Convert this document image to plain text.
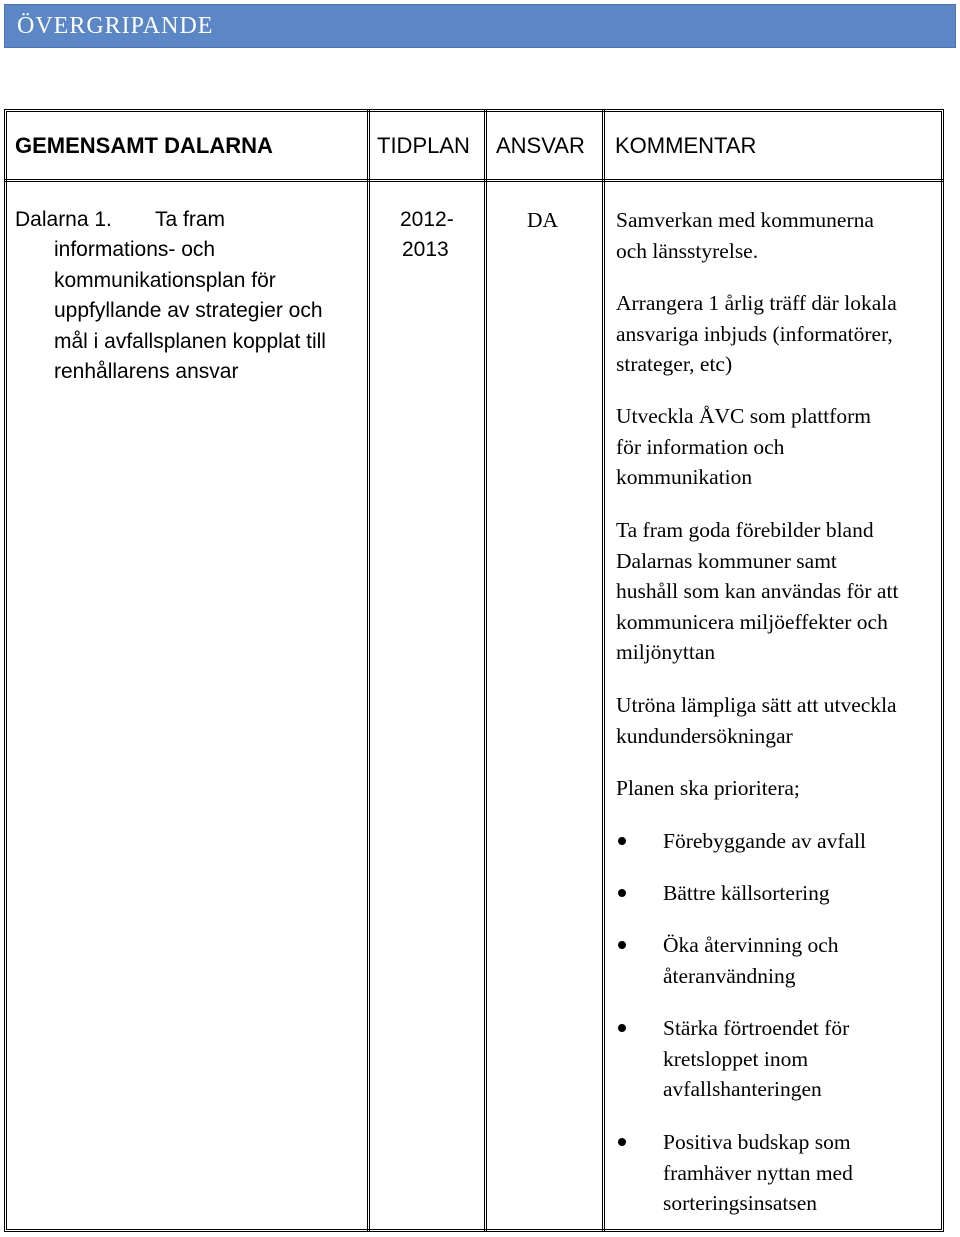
ÖVERGRIPANDE
GEMENSAMT DALARNA	TIDPLAN ANSVAR KOMMENTAR
Dalarna 1. Ta fram
informations- och
kommunikationsplan för
uppfyllande av strategier och
mål i avfallsplanen kopplat till
renhållarens ansvar
2012-
2013
DA	Samverkan med kommunerna
och länsstyrelse.
Arrangera 1 årlig träff där lokala
ansvariga inbjuds (informatörer,
strateger, etc)
Utveckla ÅVC som plattform
för information och
kommunikation
Ta fram goda förebilder bland
Dalarnas kommuner samt
hushåll som kan användas för att
kommunicera miljöeffekter och
miljönyttan
Utröna lämpliga sätt att utveckla
kundundersökningar
Planen ska prioritera;
Förebyggande av avfall
Bättre källsortering
Öka återvinning och
återanvändning
Stärka förtroendet för
kretsloppet inom
avfallshanteringen
Positiva budskap som
framhäver nyttan med
sorteringsinsatsen
